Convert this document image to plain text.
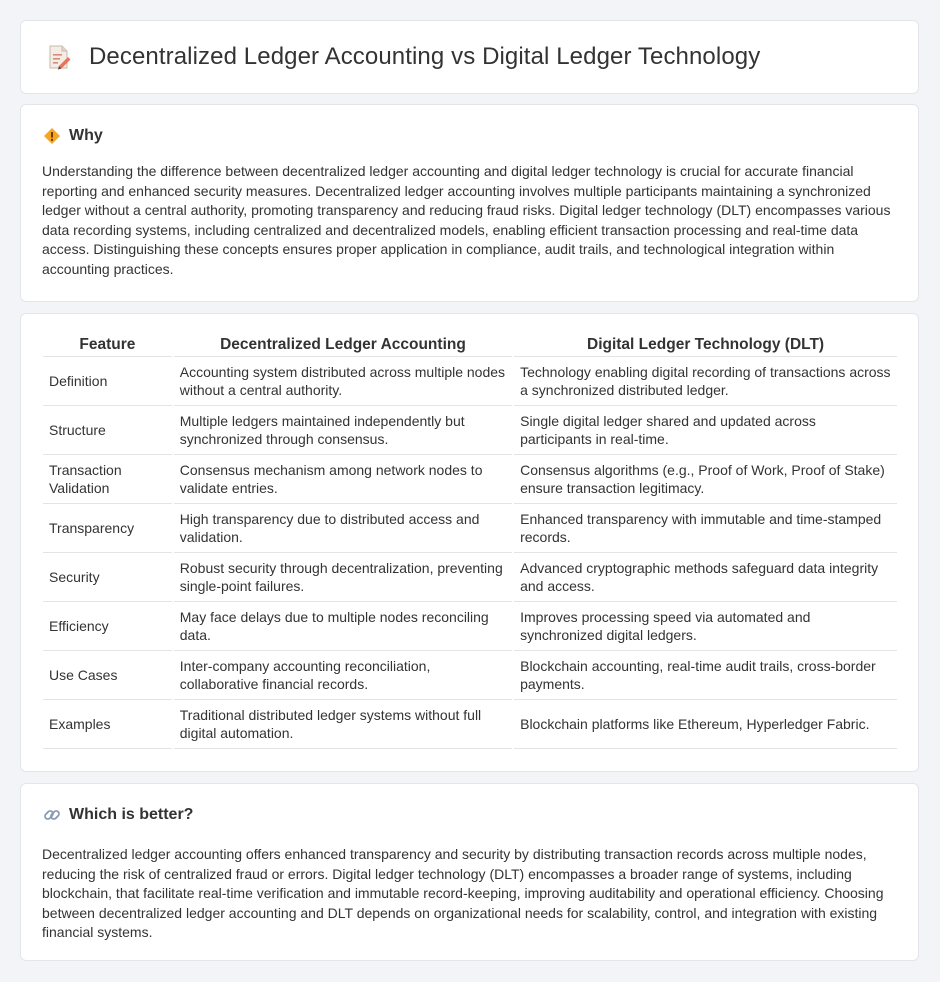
Decentralized Ledger Accounting vs Digital Ledger Technology
Why

Understanding the difference between decentralized ledger accounting and digital ledger technology is crucial for accurate financial reporting and enhanced security measures. Decentralized ledger accounting involves multiple participants maintaining a synchronized ledger without a central authority, promoting transparency and reducing fraud risks. Digital ledger technology (DLT) encompasses various data recording systems, including centralized and decentralized models, enabling efficient transaction processing and real-time data access. Distinguishing these concepts ensures proper application in compliance, audit trails, and technological integration within accounting practices.

Feature	Decentralized Ledger Accounting	Digital Ledger Technology (DLT)
Definition	Accounting system distributed across multiple nodes without a central authority.	Technology enabling digital recording of transactions across a synchronized distributed ledger.
Structure	Multiple ledgers maintained independently but synchronized through consensus.	Single digital ledger shared and updated across participants in real-time.
Transaction Validation	Consensus mechanism among network nodes to validate entries.	Consensus algorithms (e.g., Proof of Work, Proof of Stake) ensure transaction legitimacy.
Transparency	High transparency due to distributed access and validation.	Enhanced transparency with immutable and time-stamped records.
Security	Robust security through decentralization, preventing single-point failures.	Advanced cryptographic methods safeguard data integrity and access.
Efficiency	May face delays due to multiple nodes reconciling data.	Improves processing speed via automated and synchronized digital ledgers.
Use Cases	Inter-company accounting reconciliation, collaborative financial records.	Blockchain accounting, real-time audit trails, cross-border payments.
Examples	Traditional distributed ledger systems without full digital automation.	Blockchain platforms like Ethereum, Hyperledger Fabric.
Which is better?

Decentralized ledger accounting offers enhanced transparency and security by distributing transaction records across multiple nodes, reducing the risk of centralized fraud or errors. Digital ledger technology (DLT) encompasses a broader range of systems, including blockchain, that facilitate real-time verification and immutable record-keeping, improving auditability and operational efficiency. Choosing between decentralized ledger accounting and DLT depends on organizational needs for scalability, control, and integration with existing financial systems.
